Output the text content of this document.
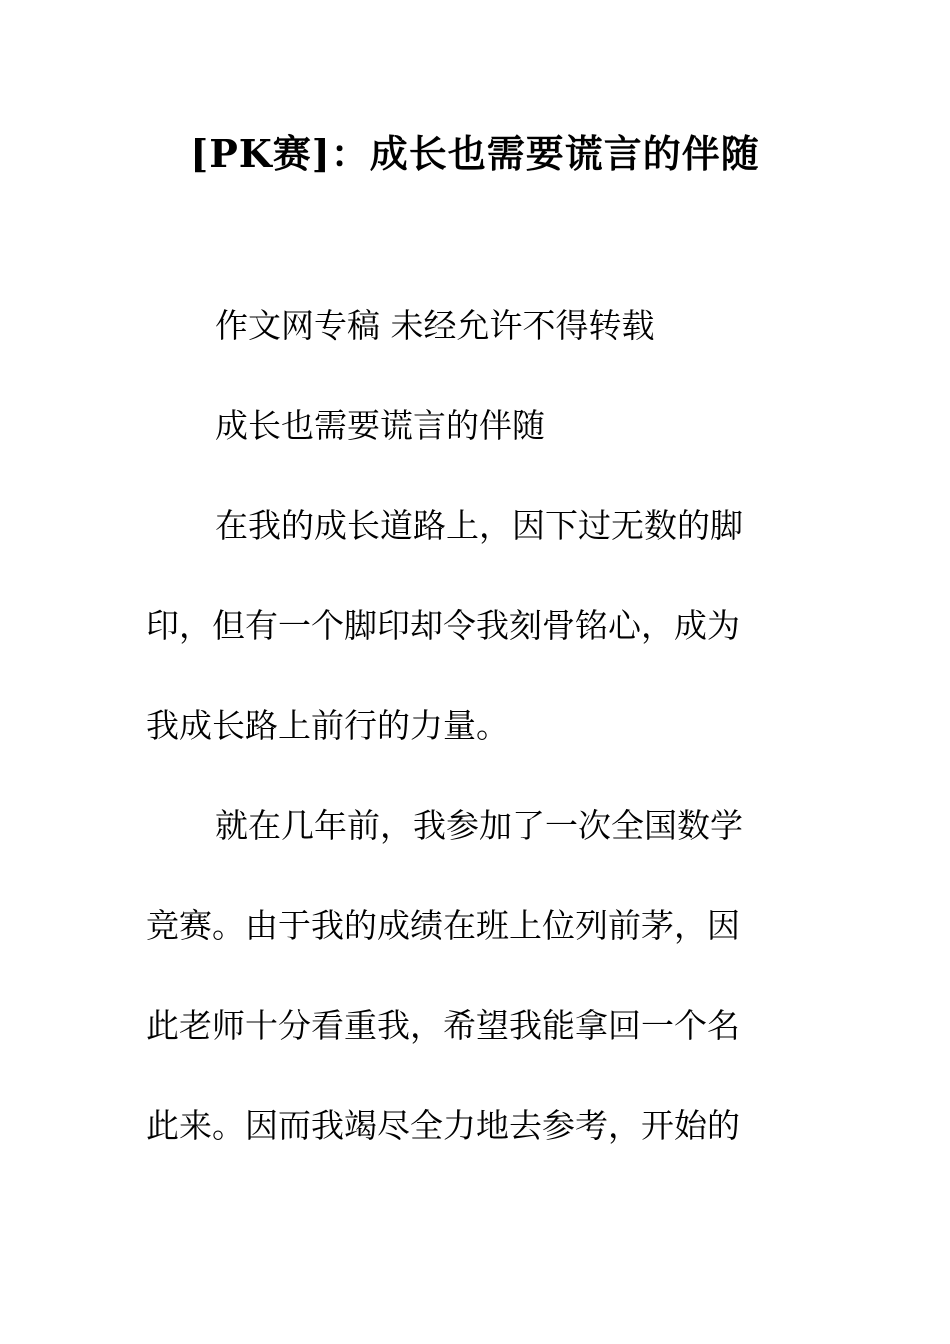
[PK赛]：成长也需要谎言的伴随
作文网专稿 未经允许不得转载
成长也需要谎言的伴随
在我的成长道路上，因下过无数的脚
印，但有一个脚印却令我刻骨铭心，成为
我成长路上前行的力量。
就在几年前，我参加了一次全国数学
竞赛。由于我的成绩在班上位列前茅，因
此老师十分看重我，希望我能拿回一个名
此来。因而我竭尽全力地去参考，开始的
